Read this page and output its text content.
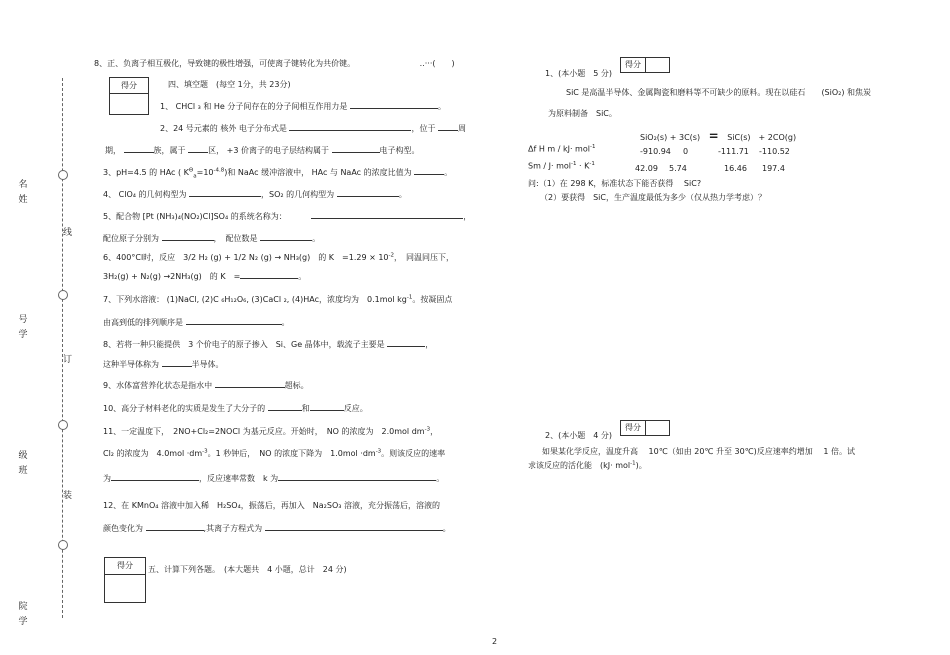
名姓
号学
级班
院学
线
订
装
8、正、负离子相互极化，导致键的极性增强，可使离子键转化为共价键。	..···(　　)
得分	四、填空题　(每空 1分，共 23分)
1、 CHCl ₃ 和 He 分子间存在的分子间相互作用力是	。
2、24 号元素的 核外 电子分布式是	，位于	周
期，	族，属于	区， +3 价离子的电子层结构属于	电子构型。
3、pH=4.5 的 HAc ( $K^\Theta_a=10^{-4.8}$)和 NaAc 缓冲溶液中， HAc 与 NaAc 的浓度比值为	。
4、 ClO₄ 的几何构型为	，SO₂ 的几何构型为	。
5、配合物 [Pt (NH₃)₄(NO₂)Cl]SO₄ 的系统名称为：	，
配位原子分别为	，　配位数是	。
6、400°Cl时，反应　3/2 H₂ (g) + 1/2 N₂ (g) → NH₃(g)　的 K　$=1.29 \times 10^{-2}$，　同温同压下，
3H₂(g) + N₂(g) →2NH₃(g)　的 K　=	。
7、下列水溶液： (1)NaCl, (2)C ₆H₁₂O₆, (3)CaCl ₂, (4)HAc，浓度均为　0.1mol $kg^{-1}$。按凝固点
由高到低的排列顺序是	。
8、若将一种只能提供　3 个价电子的原子掺入　Si、Ge 晶体中，载流子主要是	，
这种半导体称为	半导体。
9、水体富营养化状态是指水中	超标。
10、高分子材料老化的实质是发生了大分子的	和	反应。
11、一定温度下，　2NO+Cl₂=2NOCl 为基元反应。开始时，　NO 的浓度为　2.0mol $dm^{-3}$，
Cl₂ 的浓度为　$4.0mol \cdot dm^{-3}$。1 秒钟后，　NO 的浓度下降为　$1.0mol \cdot dm^{-3}$。则该反应的速率
为	，反应速率常数　k 为	。
12、在 KMnO₄ 溶液中加入稀　H₂SO₄，振荡后，再加入　Na₂SO₃ 溶液，充分振荡后，溶液的
颜色变化为	,其离子方程式为	。
得分	五、计算下列各题。　(本大题共　4 小题，总计　24 分)
1、(本小题　5 分)
得分
SiC 是高温半导体、金属陶瓷和磨料等不可缺少的原料。现在以硅石 (SiO₂) 和焦炭
为原料制备　SiC。
SiO₂(s) + 3C(s) = SiC(s)　+ 2CO(g)
Δf H m / kJ· mol$^{-1}$	-910.94 0	-111.71 -110.52
$Sm / J\cdot mol^{-1} \cdot K^{-1}$	42.09 5.74	16.46 197.4
问:（1）在 298 K，标准状态下能否获得　 SiC?
（2）要获得　SiC，生产温度最低为多少（仅从热力学考虑）？
2、(本小题　4 分)
得分
如果某化学反应，温度升高　 10℃（如由 20℃ 升至 30℃)反应速率约增加　 1 倍。试
求该反应的活化能　(kJ· mol$^{-1}$)。
2
